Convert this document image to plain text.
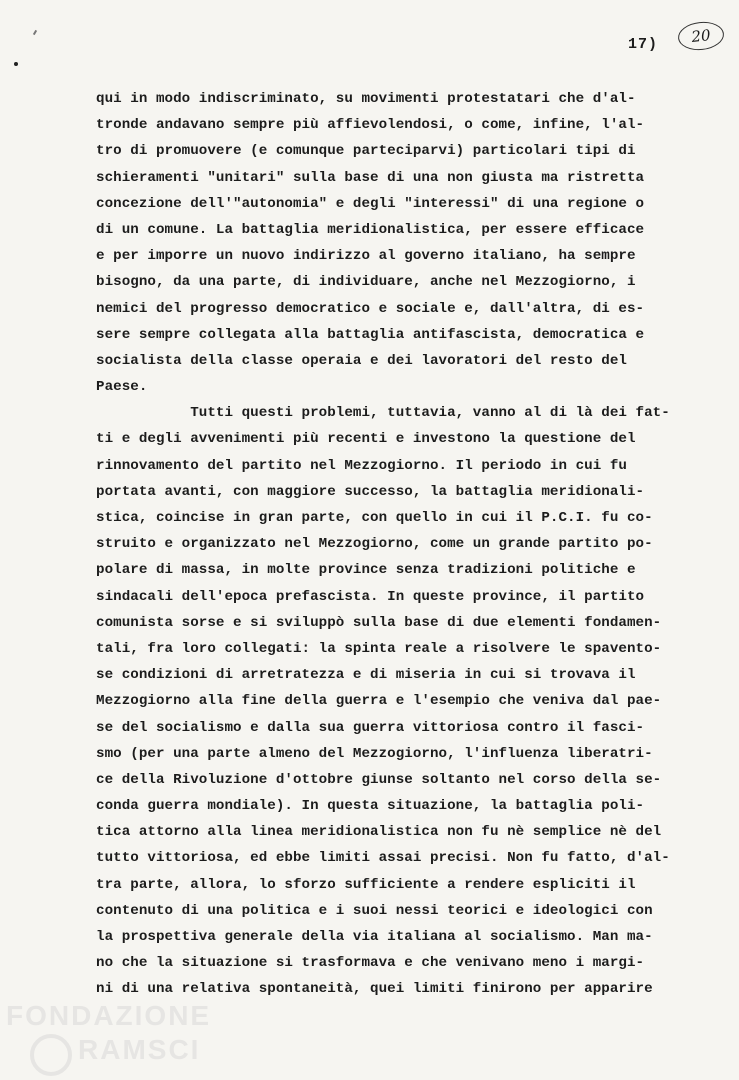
17)	20
qui in modo indiscriminato, su movimenti protestatari che d'al-
tronde andavano sempre più affievolendosi, o come, infine, l'al-
tro di promuovere (e comunque parteciparvi) particolari tipi di
schieramenti "unitari" sulla base di una non giusta ma ristretta
concezione dell'"autonomia" e degli "interessi" di una regione o
di un comune. La battaglia meridionalistica, per essere efficace
e per imporre un nuovo indirizzo al governo italiano, ha sempre
bisogno, da una parte, di individuare, anche nel Mezzogiorno, i
nemici del progresso democratico e sociale e, dall'altra, di es-
sere sempre collegata alla battaglia antifascista, democratica e
socialista della classe operaia e dei lavoratori del resto del
Paese.
Tutti questi problemi, tuttavia, vanno al di là dei fat-
ti e degli avvenimenti più recenti e investono la questione del
rinnovamento del partito nel Mezzogiorno. Il periodo in cui fu
portata avanti, con maggiore successo, la battaglia meridionali-
stica, coincise in gran parte, con quello in cui il P.C.I. fu co-
struito e organizzato nel Mezzogiorno, come un grande partito po-
polare di massa, in molte province senza tradizioni politiche e
sindacali dell'epoca prefascista. In queste province, il partito
comunista sorse e si sviluppò sulla base di due elementi fondamen-
tali, fra loro collegati: la spinta reale a risolvere le spavento-
se condizioni di arretratezza e di miseria in cui si trovava il
Mezzogiorno alla fine della guerra e l'esempio che veniva dal pae-
se del socialismo e dalla sua guerra vittoriosa contro il fasci-
smo (per una parte almeno del Mezzogiorno, l'influenza liberatri-
ce della Rivoluzione d'ottobre giunse soltanto nel corso della se-
conda guerra mondiale). In questa situazione, la battaglia poli-
tica attorno alla linea meridionalistica non fu nè semplice nè del
tutto vittoriosa, ed ebbe limiti assai precisi. Non fu fatto, d'al-
tra parte, allora, lo sforzo sufficiente a rendere espliciti il
contenuto di una politica e i suoi nessi teorici e ideologici con
la prospettiva generale della via italiana al socialismo. Man ma-
no che la situazione si trasformava e che venivano meno i margi-
ni di una relativa spontaneità, quei limiti finirono per apparire
FONDAZIONE
RAMSCI
